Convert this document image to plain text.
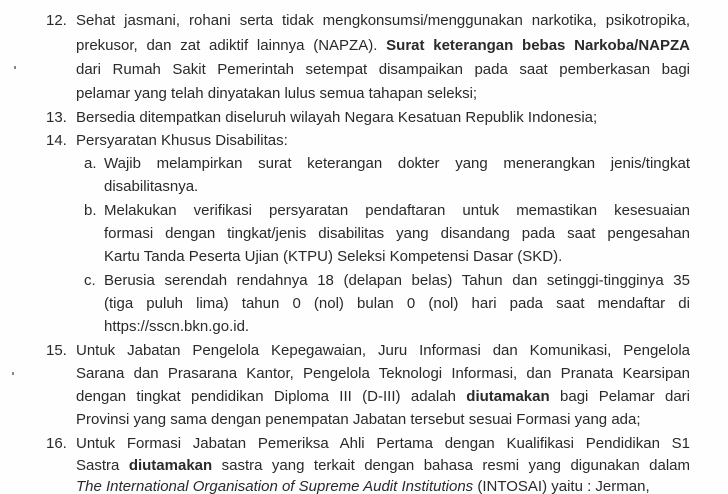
12. Sehat jasmani, rohani serta tidak mengkonsumsi/menggunakan narkotika, psikotropika,
prekusor, dan zat adiktif lainnya (NAPZA). Surat keterangan bebas Narkoba/NAPZA
dari Rumah Sakit Pemerintah setempat disampaikan pada saat pemberkasan bagi
pelamar yang telah dinyatakan lulus semua tahapan seleksi;
13. Bersedia ditempatkan diseluruh wilayah Negara Kesatuan Republik Indonesia;
14. Persyaratan Khusus Disabilitas:
a. Wajib melampirkan surat keterangan dokter yang menerangkan jenis/tingkat
disabilitasnya.
b. Melakukan verifikasi persyaratan pendaftaran untuk memastikan kesesuaian
formasi dengan tingkat/jenis disabilitas yang disandang pada saat pengesahan
Kartu Tanda Peserta Ujian (KTPU) Seleksi Kompetensi Dasar (SKD).
c. Berusia serendah rendahnya 18 (delapan belas) Tahun dan setinggi-tingginya 35
(tiga puluh lima) tahun 0 (nol) bulan 0 (nol) hari pada saat mendaftar di
https://sscn.bkn.go.id.
15. Untuk Jabatan Pengelola Kepegawaian, Juru Informasi dan Komunikasi, Pengelola
Sarana dan Prasarana Kantor, Pengelola Teknologi Informasi, dan Pranata Kearsipan
dengan tingkat pendidikan Diploma III (D-III) adalah diutamakan bagi Pelamar dari
Provinsi yang sama dengan penempatan Jabatan tersebut sesuai Formasi yang ada;
16. Untuk Formasi Jabatan Pemeriksa Ahli Pertama dengan Kualifikasi Pendidikan S1
Sastra diutamakan sastra yang terkait dengan bahasa resmi yang digunakan dalam
The International Organisation of Supreme Audit Institutions (INTOSAI) yaitu : Jerman,
